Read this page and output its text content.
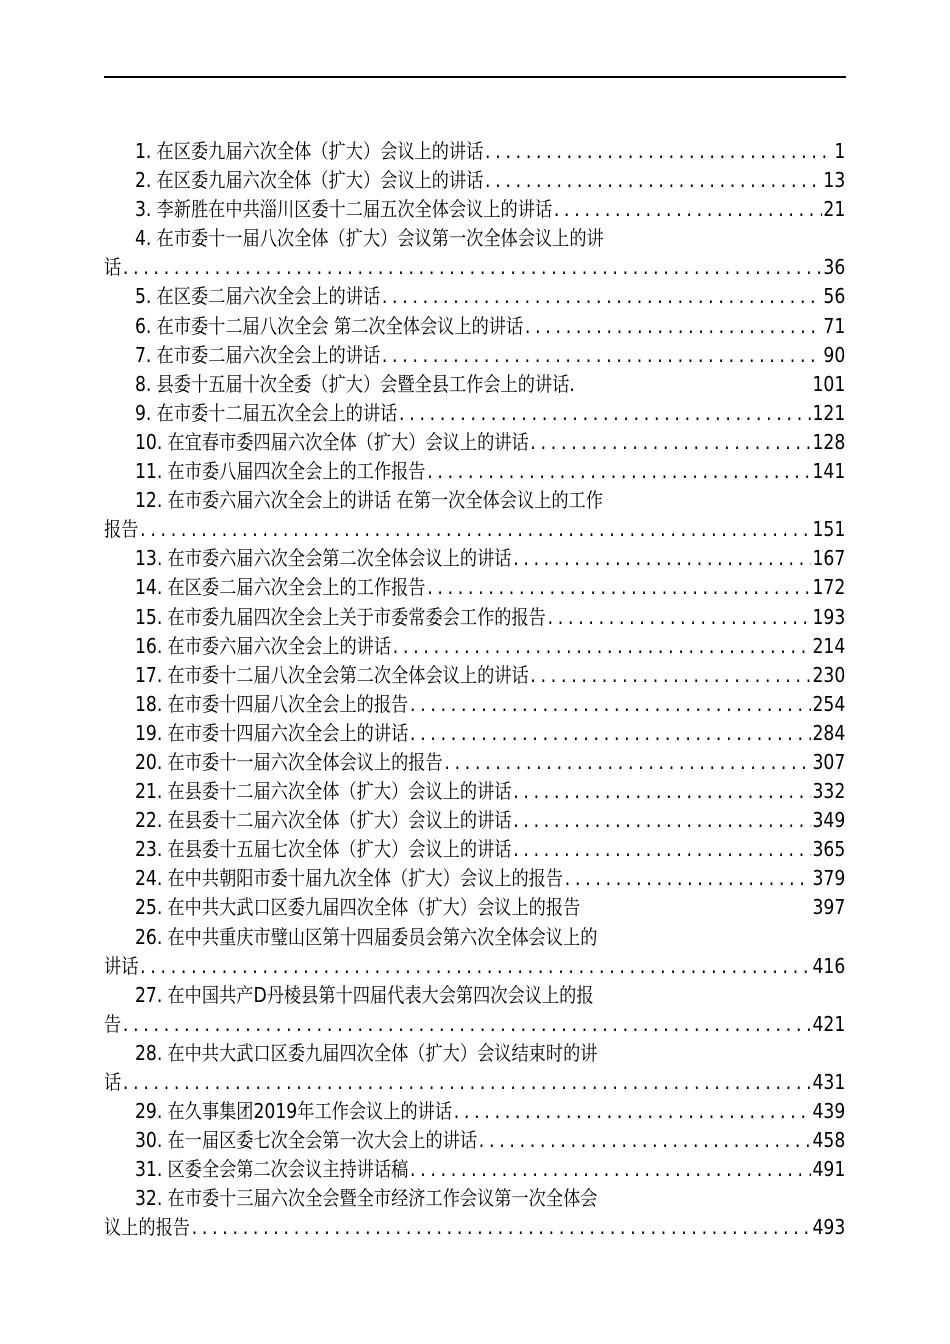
1. 在区委九届六次全体（扩大）会议上的讲话 .....	1
2. 在区委九届六次全体（扩大）会议上的讲话 .....	13
3. 李新胜在中共淄川区委十二届五次全体会议上的讲话 .....	21
4. 在市委十一届八次全体（扩大）会议第一次全体会议上的讲
话 .....	36
5. 在区委二届六次全会上的讲话 .....	56
6. 在市委十二届八次全会 第二次全体会议上的讲话 .....	71
7. 在市委二届六次全会上的讲话 .....	90
8. 县委十五届十次全委（扩大）会暨全县工作会上的讲话.	101
9. 在市委十二届五次全会上的讲话 .....	121
10. 在宜春市委四届六次全体（扩大）会议上的讲话 .....	128
11. 在市委八届四次全会上的工作报告 .....	141
12. 在市委六届六次全会上的讲话 在第一次全体会议上的工作
报告 .....	151
13. 在市委六届六次全会第二次全体会议上的讲话 .....	167
14. 在区委二届六次全会上的工作报告 .....	172
15. 在市委九届四次全会上关于市委常委会工作的报告 .....	193
16. 在市委六届六次全会上的讲话 .....	214
17. 在市委十二届八次全会第二次全体会议上的讲话 .....	230
18. 在市委十四届八次全会上的报告 .....	254
19. 在市委十四届六次全会上的讲话 .....	284
20. 在市委十一届六次全体会议上的报告 .....	307
21. 在县委十二届六次全体（扩大）会议上的讲话 .....	332
22. 在县委十二届六次全体（扩大）会议上的讲话 .....	349
23. 在县委十五届七次全体（扩大）会议上的讲话 .....	365
24. 在中共朝阳市委十届九次全体（扩大）会议上的报告 .....	379
25. 在中共大武口区委九届四次全体（扩大）会议上的报告	397
26. 在中共重庆市璧山区第十四届委员会第六次全体会议上的
讲话 .....	416
27. 在中国共产D丹棱县第十四届代表大会第四次会议上的报
告 .....	421
28. 在中共大武口区委九届四次全体（扩大）会议结束时的讲
话 .....	431
29. 在久事集团2019年工作会议上的讲话 .....	439
30. 在一届区委七次全会第一次大会上的讲话 .....	458
31. 区委全会第二次会议主持讲话稿 .....	491
32. 在市委十三届六次全会暨全市经济工作会议第一次全体会
议上的报告 .....	493
